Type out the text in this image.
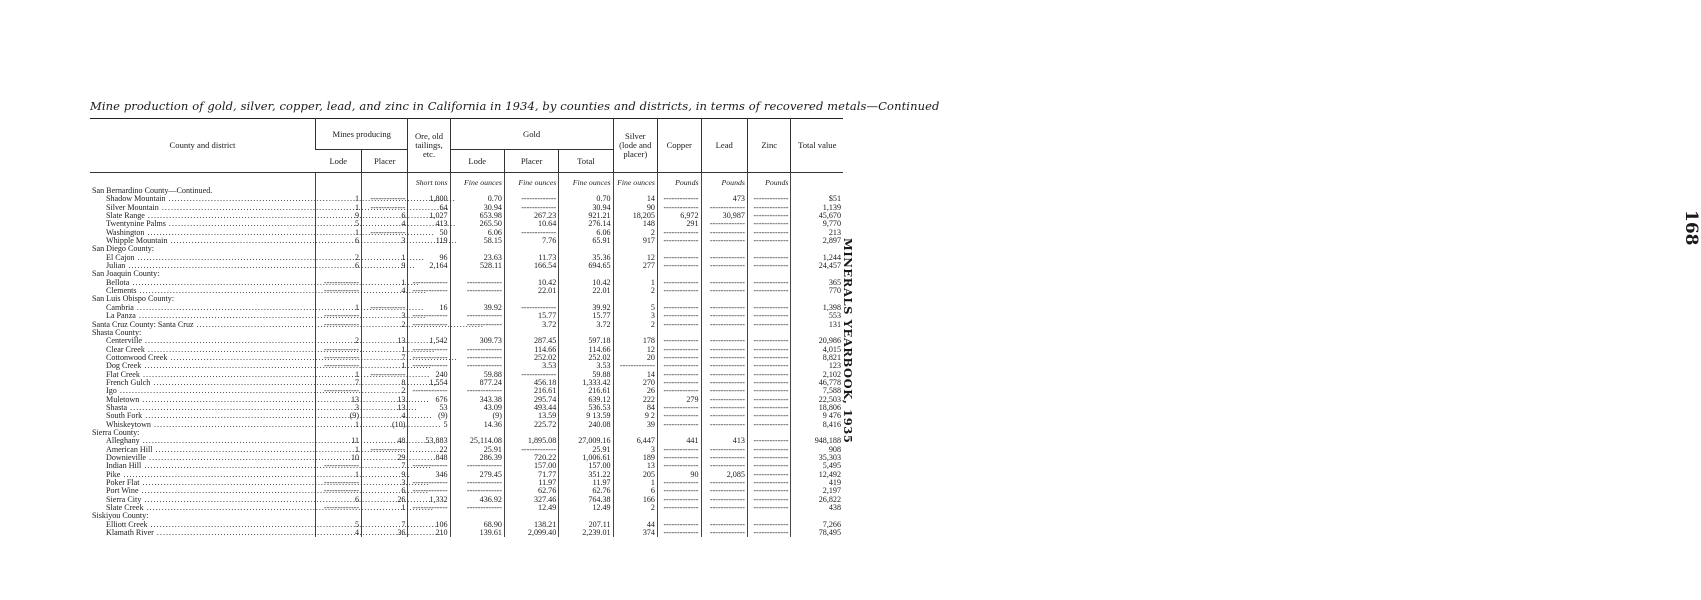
Mine production of gold, silver, copper, lead, and zinc in California in 1934, by counties and districts, in terms of recovered metals—Continued
168
MINERALS YEARBOOK, 1935
County and district	Mines producing		Ore, old tailings, etc.	Gold			Silver (lode and placer)	Copper	Lead	Zinc	Total value
	Lode	Placer		Lode	Placer	Total					

			Short tons	Fine ounces	Fine ounces	Fine ounces	Fine ounces	Pounds	Pounds	Pounds	
San Bernardino County—Continued.											
Shadow Mountain .....	1	-----	1,800	0.70	-----	0.70	14	-----	473	-----	$51
Silver Mountain .....	1	-----	64	30.94	-----	30.94	90	-----	-----	-----	1,139
Slate Range .....	9	6	1,027	653.98	267.23	921.21	18,205	6,972	30,987	-----	45,670
Twentynine Palms .....	5	4	413	265.50	10.64	276.14	148	291	-----	-----	9,770
Washington .....	1	-----	50	6.06	-----	6.06	2	-----	-----	-----	213
Whipple Mountain .....	6	3	119	58.15	7.76	65.91	917	-----	-----	-----	2,897
San Diego County:											
El Cajon .....	2	1	96	23.63	11.73	35.36	12	-----	-----	-----	1,244
Julian .....	6	9	2,164	528.11	166.54	694.65	277	-----	-----	-----	24,457
San Joaquin County:											
Bellota .....	-----	1	-----	-----	10.42	10.42	1	-----	-----	-----	365
Clements .....	-----	4	-----	-----	22.01	22.01	2	-----	-----	-----	770
San Luis Obispo County:											
Cambria .....	1	-----	16	39.92	-----	39.92	5	-----	-----	-----	1,398
La Panza .....	-----	3	-----	-----	15.77	15.77	3	-----	-----	-----	553
Santa Cruz County: Santa Cruz .....	-----	2	-----	-----	3.72	3.72	2	-----	-----	-----	131
Shasta County:											
Centerville .....	2	13	1,542	309.73	287.45	597.18	178	-----	-----	-----	20,986
Clear Creek .....	-----	1	-----	-----	114.66	114.66	12	-----	-----	-----	4,015
Cottonwood Creek .....	-----	7	-----	-----	252.02	252.02	20	-----	-----	-----	8,821
Dog Creek .....	-----	1	-----	-----	3.53	3.53	-----	-----	-----	-----	123
Flat Creek .....	1	-----	240	59.88	-----	59.88	14	-----	-----	-----	2,102
French Gulch .....	7	8	1,554	877.24	456.18	1,333.42	270	-----	-----	-----	46,778
Igo .....	-----	2	-----	-----	216.61	216.61	26	-----	-----	-----	7,588
Muletown .....	13	13	676	343.38	295.74	639.12	222	279	-----	-----	22,503
Shasta .....	3	13	53	43.09	493.44	536.53	84	-----	-----	-----	18,806
South Fork .....	(9)	4	(9)	(9)	13.59	9 13.59	9 2	-----	-----	-----	9 476
Whiskeytown .....	1	(10)	5	14.36	225.72	240.08	39	-----	-----	-----	8,416
Sierra County:											
Alleghany .....	11	48	53,883	25,114.08	1,895.08	27,009.16	6,447	441	413	-----	948,188
American Hill .....	1	-----	22	25.91	-----	25.91	3	-----	-----	-----	908
Downieville .....	10	29	848	286.39	720.22	1,006.61	189	-----	-----	-----	35,303
Indian Hill .....	-----	7	-----	-----	157.00	157.00	13	-----	-----	-----	5,495
Pike .....	1	9	346	279.45	71.77	351.22	205	90	2,085	-----	12,492
Poker Flat .....	-----	3	-----	-----	11.97	11.97	1	-----	-----	-----	419
Port Wine .....	-----	6	-----	-----	62.76	62.76	6	-----	-----	-----	2,197
Sierra City .....	6	26	1,332	436.92	327.46	764.38	166	-----	-----	-----	26,822
Slate Creek .....	-----	1	-----	-----	12.49	12.49	2	-----	-----	-----	438
Siskiyou County:											
Elliott Creek .....	5	7	106	68.90	138.21	207.11	44	-----	-----	-----	7,266
Klamath River .....	4	36	210	139.61	2,099.40	2,239.01	374	-----	-----	-----	78,495
